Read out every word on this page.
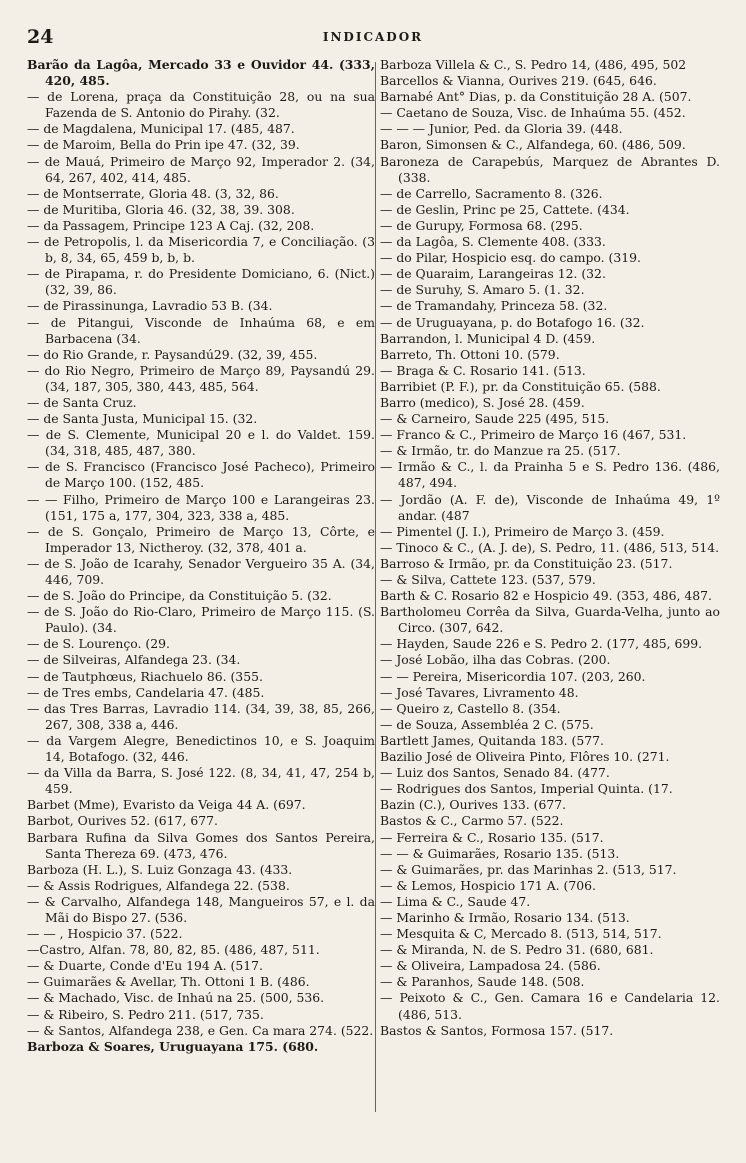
24	INDICADOR

Barão da Lagôa, Mercado 33 e Ouvidor 44. (333, 420, 485.

— de Lorena, praça da Constituição 28, ou na sua Fazenda de S. Antonio do Pirahy. (32.

— de Magdalena, Municipal 17. (485, 487.

— de Maroim, Bella do Prin ipe 47. (32, 39.

— de Mauá, Primeiro de Março 92, Imperador 2. (34, 64, 267, 402, 414, 485.

— de Montserrate, Gloria 48. (3, 32, 86.

— de Muritiba, Gloria 46. (32, 38, 39. 308.

— da Passagem, Principe 123 A Caj. (32, 208.

— de Petropolis, l. da Misericordia 7, e Conciliação. (3 b, 8, 34, 65, 459 b, b, b.

— de Pirapama, r. do Presidente Domiciano, 6. (Nict.) (32, 39, 86.

— de Pirassinunga, Lavradio 53 B. (34.

— de Pitangui, Visconde de Inhaúma 68, e em Barbacena (34.

— do Rio Grande, r. Paysandú29. (32, 39, 455.

— do Rio Negro, Primeiro de Março 89, Paysandú 29. (34, 187, 305, 380, 443, 485, 564.

— de Santa Cruz.

— de Santa Justa, Municipal 15. (32.

— de S. Clemente, Municipal 20 e l. do Valdet. 159. (34, 318, 485, 487, 380.

— de S. Francisco (Francisco José Pacheco), Primeiro de Março 100. (152, 485.

— — Filho, Primeiro de Março 100 e Larangeiras 23. (151, 175 a, 177, 304, 323, 338 a, 485.

— de S. Gonçalo, Primeiro de Março 13, Côrte, e Imperador 13, Nictheroy. (32, 378, 401 a.

— de S. João de Icarahy, Senador Vergueiro 35 A. (34, 446, 709.

— de S. João do Principe, da Constituição 5. (32.

— de S. João do Rio-Claro, Primeiro de Março 115. (S. Paulo). (34.

— de S. Lourenço. (29.

— de Silveiras, Alfandega 23. (34.

— de Tautphœus, Riachuelo 86. (355.

— de Tres embs, Candelaria 47. (485.

— das Tres Barras, Lavradio 114. (34, 39, 38, 85, 266, 267, 308, 338 a, 446.

— da Vargem Alegre, Benedictinos 10, e S. Joaquim 14, Botafogo. (32, 446.

— da Villa da Barra, S. José 122. (8, 34, 41, 47, 254 b, 459.

Barbet (Mme), Evaristo da Veiga 44 A. (697.

Barbot, Ourives 52. (617, 677.

Barbara Rufina da Silva Gomes dos Santos Pereira, Santa Thereza 69. (473, 476.

Barboza (H. L.), S. Luiz Gonzaga 43. (433.

— & Assis Rodrigues, Alfandega 22. (538.

— & Carvalho, Alfandega 148, Mangueiros 57, e l. da Mãi do Bispo 27. (536.

— — , Hospicio 37. (522.

—Castro, Alfan. 78, 80, 82, 85. (486, 487, 511.

— & Duarte, Conde d'Eu 194 A. (517.

— Guimarães & Avellar, Th. Ottoni 1 B. (486.

— & Machado, Visc. de Inhaú na 25. (500, 536.

— & Ribeiro, S. Pedro 211. (517, 735.

— & Santos, Alfandega 238, e Gen. Ca mara 274. (522.

Barboza & Soares, Uruguayana 175. (680.

Barboza Villela & C., S. Pedro 14, (486, 495, 502

Barcellos & Vianna, Ourives 219. (645, 646.

Barnabé Ant° Dias, p. da Constituição 28 A. (507.

— Caetano de Souza, Visc. de Inhaúma 55. (452.

— — — Junior, Ped. da Gloria 39. (448.

Baron, Simonsen & C., Alfandega, 60. (486, 509.

Baroneza de Carapebús, Marquez de Abrantes D. (338.

— de Carrello, Sacramento 8. (326.

— de Geslin, Princ pe 25, Cattete. (434.

— de Gurupy, Formosa 68. (295.

— da Lagôa, S. Clemente 408. (333.

— do Pilar, Hospicio esq. do campo. (319.

— de Quaraim, Larangeiras 12. (32.

— de Suruhy, S. Amaro 5. (1. 32.

— de Tramandahy, Princeza 58. (32.

— de Uruguayana, p. do Botafogo 16. (32.

Barrandon, l. Municipal 4 D. (459.

Barreto, Th. Ottoni 10. (579.

— Braga & C. Rosario 141. (513.

Barribiet (P. F.), pr. da Constituição 65. (588.

Barro (medico), S. José 28. (459.

— & Carneiro, Saude 225 (495, 515.

— Franco & C., Primeiro de Março 16 (467, 531.

— & Irmão, tr. do Manzue ra 25. (517.

— Irmão & C., l. da Prainha 5 e S. Pedro 136. (486, 487, 494.

— Jordão (A. F. de), Visconde de Inhaúma 49, 1º andar. (487

— Pimentel (J. I.), Primeiro de Março 3. (459.

— Tinoco & C., (A. J. de), S. Pedro, 11. (486, 513, 514.

Barroso & Irmão, pr. da Constituição 23. (517.

— & Silva, Cattete 123. (537, 579.

Barth & C. Rosario 82 e Hospicio 49. (353, 486, 487.

Bartholomeu Corrêa da Silva, Guarda-Velha, junto ao Circo. (307, 642.

— Hayden, Saude 226 e S. Pedro 2. (177, 485, 699.

— José Lobão, ilha das Cobras. (200.

— — Pereira, Misericordia 107. (203, 260.

— José Tavares, Livramento 48.

— Queiro z, Castello 8. (354.

— de Souza, Assembléa 2 C. (575.

Bartlett James, Quitanda 183. (577.

Bazilio José de Oliveira Pinto, Flôres 10. (271.

— Luiz dos Santos, Senado 84. (477.

— Rodrigues dos Santos, Imperial Quinta. (17.

Bazin (C.), Ourives 133. (677.

Bastos & C., Carmo 57. (522.

— Ferreira & C., Rosario 135. (517.

— — & Guimarães, Rosario 135. (513.

— & Guimarães, pr. das Marinhas 2. (513, 517.

— & Lemos, Hospicio 171 A. (706.

— Lima & C., Saude 47.

— Marinho & Irmão, Rosario 134. (513.

— Mesquita & C, Mercado 8. (513, 514, 517.

— & Miranda, N. de S. Pedro 31. (680, 681.

— & Oliveira, Lampadosa 24. (586.

— & Paranhos, Saude 148. (508.

— Peixoto & C., Gen. Camara 16 e Candelaria 12. (486, 513.

Bastos & Santos, Formosa 157. (517.
